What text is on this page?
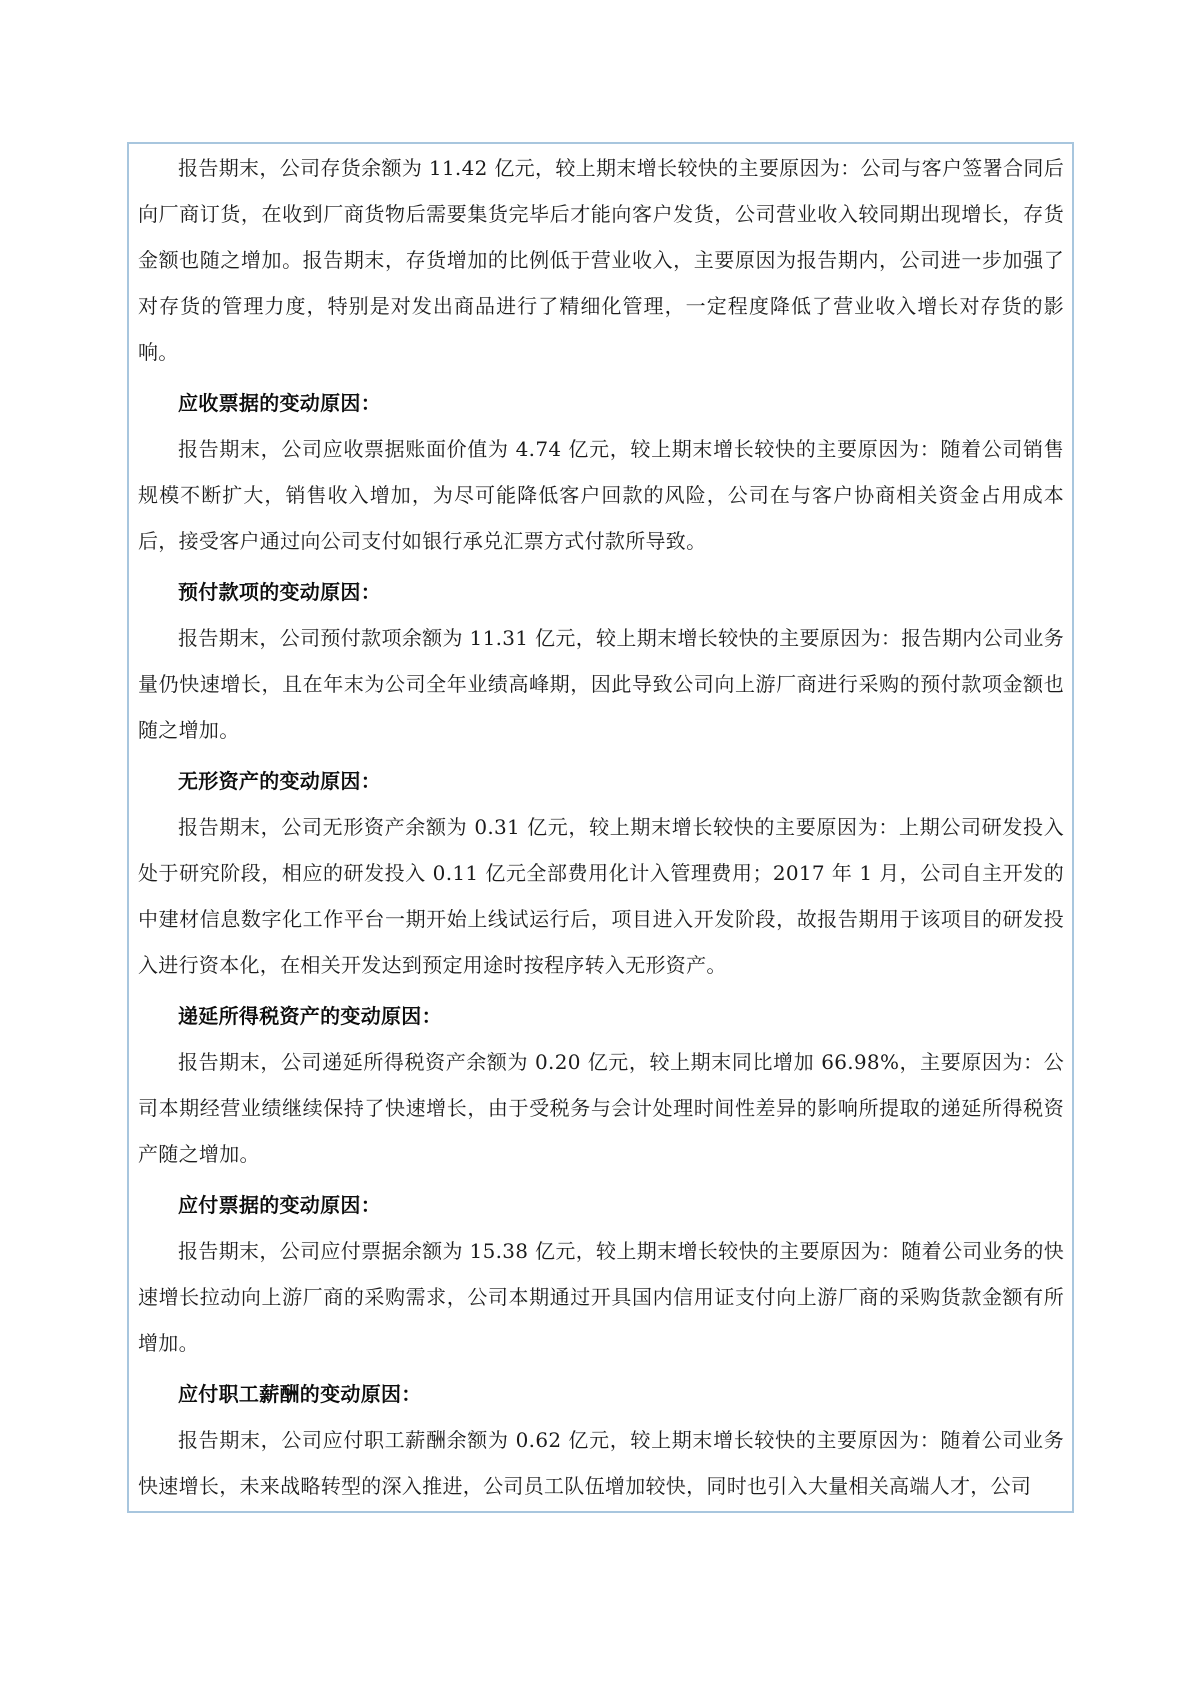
报告期末，公司存货余额为 11.42 亿元，较上期末增长较快的主要原因为：公司与客户签署合同后向厂商订货，在收到厂商货物后需要集货完毕后才能向客户发货，公司营业收入较同期出现增长，存货金额也随之增加。报告期末，存货增加的比例低于营业收入，主要原因为报告期内，公司进一步加强了对存货的管理力度，特别是对发出商品进行了精细化管理，一定程度降低了营业收入增长对存货的影响。

应收票据的变动原因：

报告期末，公司应收票据账面价值为 4.74 亿元，较上期末增长较快的主要原因为：随着公司销售规模不断扩大，销售收入增加，为尽可能降低客户回款的风险，公司在与客户协商相关资金占用成本后，接受客户通过向公司支付如银行承兑汇票方式付款所导致。

预付款项的变动原因：

报告期末，公司预付款项余额为 11.31 亿元，较上期末增长较快的主要原因为：报告期内公司业务量仍快速增长，且在年末为公司全年业绩高峰期，因此导致公司向上游厂商进行采购的预付款项金额也随之增加。

无形资产的变动原因：

报告期末，公司无形资产余额为 0.31 亿元，较上期末增长较快的主要原因为：上期公司研发投入处于研究阶段，相应的研发投入 0.11 亿元全部费用化计入管理费用；2017 年 1 月，公司自主开发的中建材信息数字化工作平台一期开始上线试运行后，项目进入开发阶段，故报告期用于该项目的研发投入进行资本化，在相关开发达到预定用途时按程序转入无形资产。

递延所得税资产的变动原因：

报告期末，公司递延所得税资产余额为 0.20 亿元，较上期末同比增加 66.98%，主要原因为：公司本期经营业绩继续保持了快速增长，由于受税务与会计处理时间性差异的影响所提取的递延所得税资产随之增加。

应付票据的变动原因：

报告期末，公司应付票据余额为 15.38 亿元，较上期末增长较快的主要原因为：随着公司业务的快速增长拉动向上游厂商的采购需求，公司本期通过开具国内信用证支付向上游厂商的采购货款金额有所增加。

应付职工薪酬的变动原因：

报告期末，公司应付职工薪酬余额为 0.62 亿元，较上期末增长较快的主要原因为：随着公司业务快速增长，未来战略转型的深入推进，公司员工队伍增加较快，同时也引入大量相关高端人才，公司
